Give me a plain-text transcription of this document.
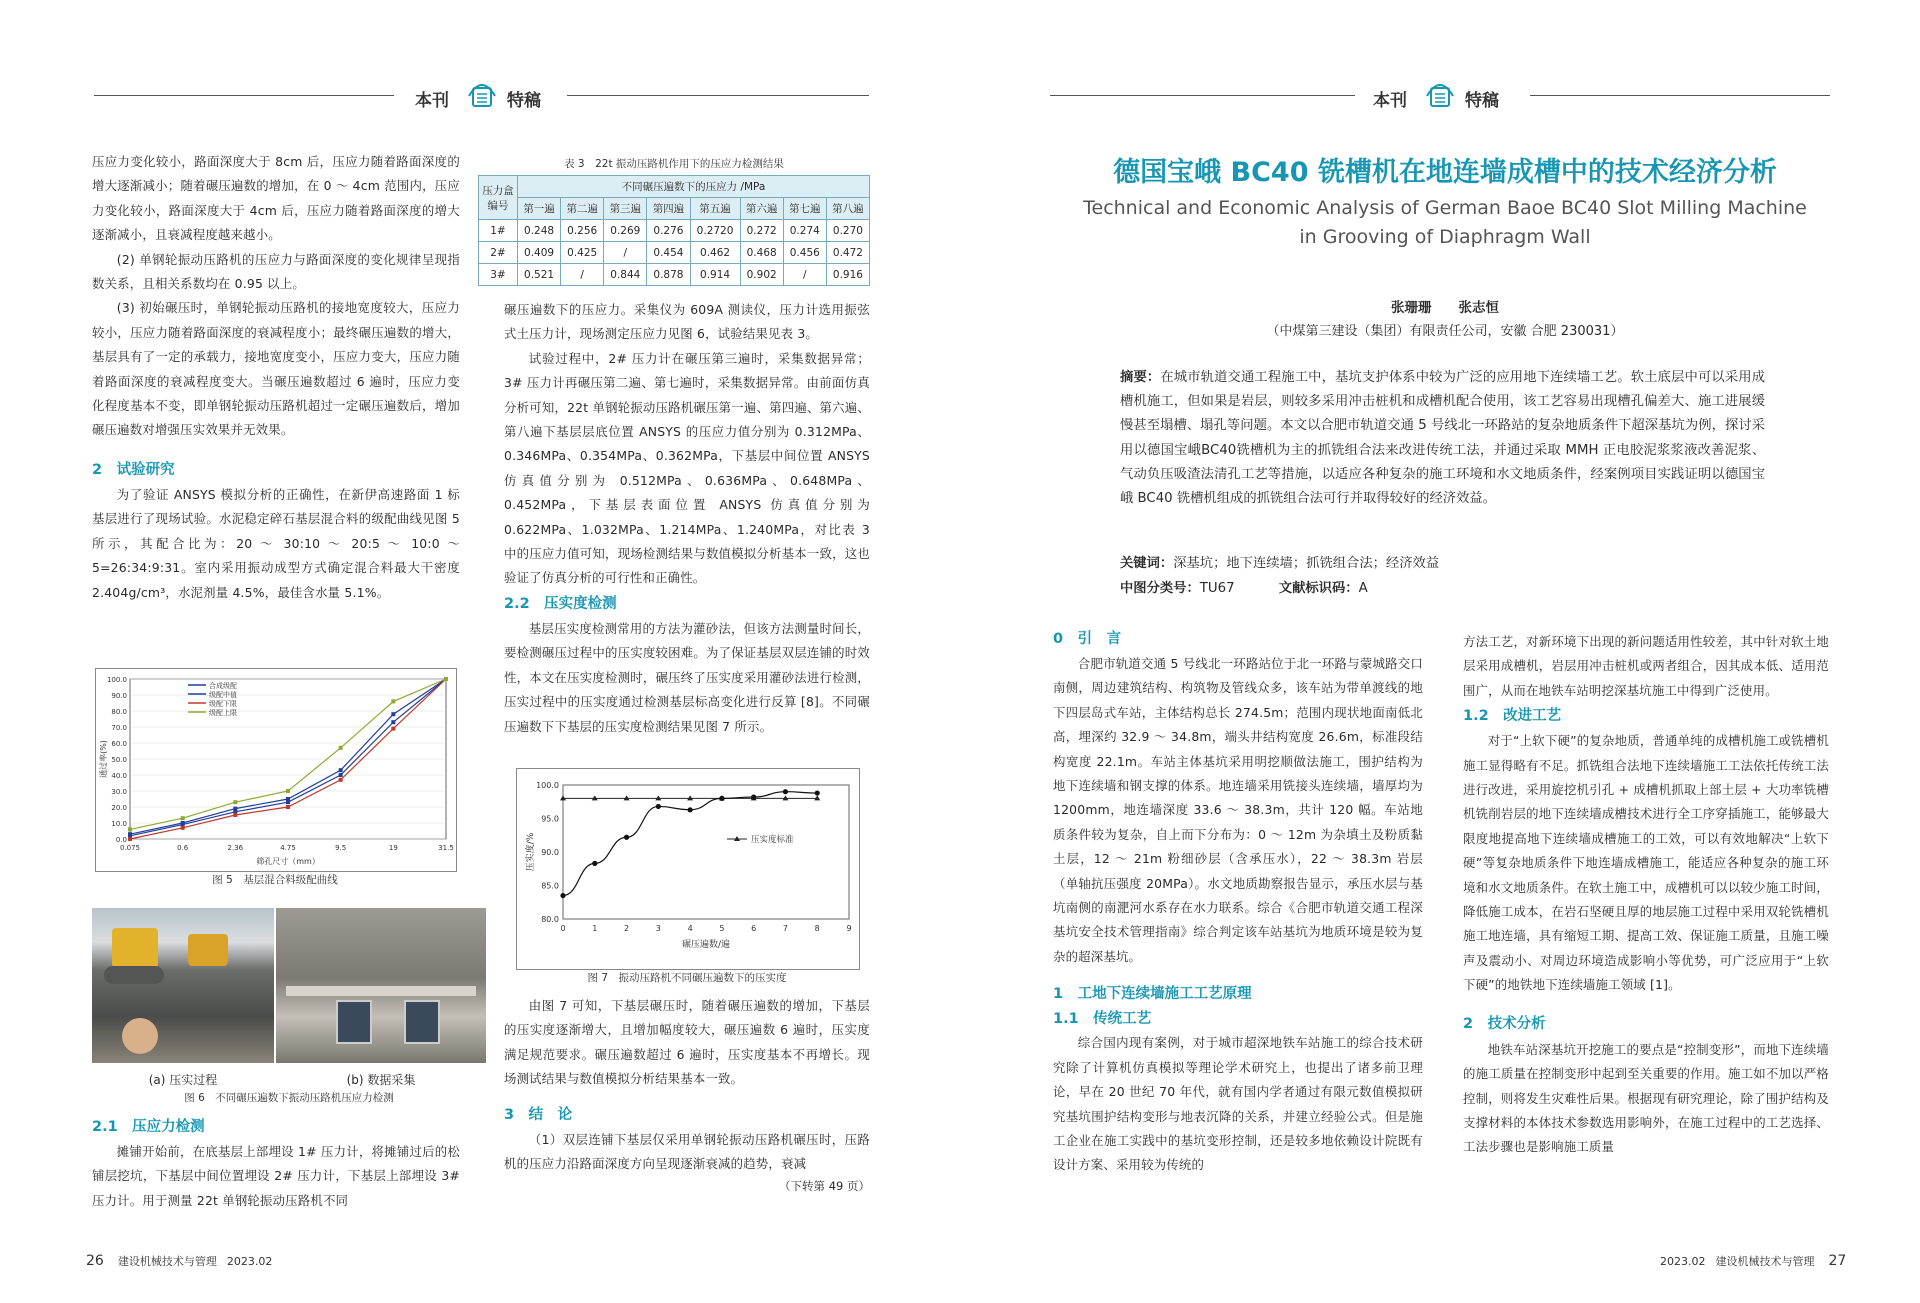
本刊	特稿	本刊	特稿

压应力变化较小，路面深度大于 8cm 后，压应力随着路面深度的增大逐渐减小；随着碾压遍数的增加，在 0 ～ 4cm 范围内，压应力变化较小，路面深度大于 4cm 后，压应力随着路面深度的增大逐渐减小，且衰减程度越来越小。

(2) 单钢轮振动压路机的压应力与路面深度的变化规律呈现指数关系，且相关系数均在 0.95 以上。

(3) 初始碾压时，单钢轮振动压路机的接地宽度较大，压应力较小，压应力随着路面深度的衰减程度小；最终碾压遍数的增大，基层具有了一定的承载力，接地宽度变小，压应力变大，压应力随着路面深度的衰减程度变大。当碾压遍数超过 6 遍时，压应力变化程度基本不变，即单钢轮振动压路机超过一定碾压遍数后，增加碾压遍数对增强压实效果并无效果。

2　试验研究

为了验证 ANSYS 模拟分析的正确性，在新伊高速路面 1 标基层进行了现场试验。水泥稳定碎石基层混合料的级配曲线见图 5 所示，其配合比为：20 ～ 30:10 ～ 20:5 ～ 10:0 ～ 5=26:34:9:31。室内采用振动成型方式确定混合料最大干密度 2.404g/cm³，水泥剂量 4.5%，最佳含水量 5.1%。

100.0
90.0
80.0
70.0
60.0
50.0
40.0
30.0
20.0
10.0
0.0
0.075	0.6	2.36	4.75	9.5	19	31.5
筛孔尺寸（mm）
通过率(%)
合成级配
级配中值
级配下限
级配上限
图 5　基层混合料级配曲线
(a) 压实过程	(b) 数据采集
图 6　不同碾压遍数下振动压路机压应力检测
2.1　压应力检测

摊铺开始前，在底基层上部埋设 1# 压力计，将摊铺过后的松铺层挖坑，下基层中间位置埋设 2# 压力计，下基层上部埋设 3# 压力计。用于测量 22t 单钢轮振动压路机不同

表 3　22t 振动压路机作用下的压应力检测结果
压力盒编号	不同碾压遍数下的压应力 /MPa							
	第一遍	第二遍	第三遍	第四遍	第五遍	第六遍	第七遍	第八遍
1#	0.248	0.256	0.269	0.276	0.2720	0.272	0.274	0.270
2#	0.409	0.425	/	0.454	0.462	0.468	0.456	0.472
3#	0.521	/	0.844	0.878	0.914	0.902	/	0.916

碾压遍数下的压应力。采集仪为 609A 测读仪，压力计选用振弦式土压力计，现场测定压应力见图 6，试验结果见表 3。

试验过程中，2# 压力计在碾压第三遍时，采集数据异常；3# 压力计再碾压第二遍、第七遍时，采集数据异常。由前面仿真分析可知，22t 单钢轮振动压路机碾压第一遍、第四遍、第六遍、第八遍下基层层底位置 ANSYS 的压应力值分别为 0.312MPa、0.346MPa、0.354MPa、0.362MPa，下基层中间位置 ANSYS 仿真值分别为 0.512MPa、0.636MPa、0.648MPa、0.452MPa，下基层表面位置 ANSYS 仿真值分别为 0.622MPa、1.032MPa、1.214MPa、1.240MPa，对比表 3 中的压应力值可知，现场检测结果与数值模拟分析基本一致，这也验证了仿真分析的可行性和正确性。

2.2　压实度检测

基层压实度检测常用的方法为灌砂法，但该方法测量时间长，要检测碾压过程中的压实度较困难。为了保证基层双层连铺的时效性，本文在压实度检测时，碾压终了压实度采用灌砂法进行检测，压实过程中的压实度通过检测基层标高变化进行反算 [8]。不同碾压遍数下下基层的压实度检测结果见图 7 所示。

100.0
95.0
90.0
85.0
80.0
0	1	2	3	4	5	6	7	8	9
碾压遍数/遍
压实度/%	压实度标准
图 7　振动压路机不同碾压遍数下的压实度

由图 7 可知，下基层碾压时，随着碾压遍数的增加，下基层的压实度逐渐增大，且增加幅度较大，碾压遍数 6 遍时，压实度满足规范要求。碾压遍数超过 6 遍时，压实度基本不再增长。现场测试结果与数值模拟分析结果基本一致。

3　结　论

（1）双层连铺下基层仅采用单钢轮振动压路机碾压时，压路机的压应力沿路面深度方向呈现逐渐衰减的趋势，衰减

（下转第 49 页）
德国宝峨 BC40 铣槽机在地连墙成槽中的技术经济分析
Technical and Economic Analysis of German Baoe BC40 Slot Milling Machine
in Grooving of Diaphragm Wall
张珊珊　　张志恒
（中煤第三建设（集团）有限责任公司，安徽 合肥 230031）
摘要：在城市轨道交通工程施工中，基坑支护体系中较为广泛的应用地下连续墙工艺。软土底层中可以采用成槽机施工，但如果是岩层，则较多采用冲击桩机和成槽机配合使用，该工艺容易出现槽孔偏差大、施工进展缓慢甚至塌槽、塌孔等问题。本文以合肥市轨道交通 5 号线北一环路站的复杂地质条件下超深基坑为例，探讨采用以德国宝峨BC40铣槽机为主的抓铣组合法来改进传统工法，并通过采取 MMH 正电胶泥浆浆液改善泥浆、气动负压吸渣法清孔工艺等措施，以适应各种复杂的施工环境和水文地质条件，经案例项目实践证明以德国宝峨 BC40 铣槽机组成的抓铣组合法可行并取得较好的经济效益。
关键词：深基坑；地下连续墙；抓铣组合法；经济效益
中图分类号：TU67	文献标识码：A
0　引　言

合肥市轨道交通 5 号线北一环路站位于北一环路与蒙城路交口南侧，周边建筑结构、构筑物及管线众多，该车站为带单渡线的地下四层岛式车站，主体结构总长 274.5m；范围内现状地面南低北高，埋深约 32.9 ～ 34.8m，端头井结构宽度 26.6m，标准段结构宽度 22.1m。车站主体基坑采用明挖顺做法施工，围护结构为地下连续墙和钢支撑的体系。地连墙采用铣接头连续墙，墙厚均为 1200mm，地连墙深度 33.6 ～ 38.3m，共计 120 幅。车站地质条件较为复杂，自上而下分布为：0 ～ 12m 为杂填土及粉质黏土层，12 ～ 21m 粉细砂层（含承压水），22 ～ 38.3m 岩层（单轴抗压强度 20MPa）。水文地质勘察报告显示，承压水层与基坑南侧的南淝河水系存在水力联系。综合《合肥市轨道交通工程深基坑安全技术管理指南》综合判定该车站基坑为地质环境是较为复杂的超深基坑。

1　工地下连续墙施工工艺原理
1.1　传统工艺

综合国内现有案例，对于城市超深地铁车站施工的综合技术研究除了计算机仿真模拟等理论学术研究上，也提出了诸多前卫理论，早在 20 世纪 70 年代，就有国内学者通过有限元数值模拟研究基坑围护结构变形与地表沉降的关系，并建立经验公式。但是施工企业在施工实践中的基坑变形控制，还是较多地依赖设计院既有设计方案、采用较为传统的

方法工艺，对新环境下出现的新问题适用性较差，其中针对软土地层采用成槽机，岩层用冲击桩机或两者组合，因其成本低、适用范围广，从而在地铁车站明挖深基坑施工中得到广泛使用。

1.2　改进工艺

对于“上软下硬”的复杂地质，普通单纯的成槽机施工或铣槽机施工显得略有不足。抓铣组合法地下连续墙施工工法依托传统工法进行改进，采用旋挖机引孔 + 成槽机抓取上部土层 + 大功率铣槽机铣削岩层的地下连续墙成槽技术进行全工序穿插施工，能够最大限度地提高地下连续墙成槽施工的工效，可以有效地解决“上软下硬”等复杂地质条件下地连墙成槽施工，能适应各种复杂的施工环境和水文地质条件。在软土施工中，成槽机可以以较少施工时间，降低施工成本，在岩石坚硬且厚的地层施工过程中采用双轮铣槽机施工地连墙，具有缩短工期、提高工效、保证施工质量，且施工噪声及震动小、对周边环境造成影响小等优势，可广泛应用于“上软下硬”的地铁地下连续墙施工领域 [1]。

2　技术分析

地铁车站深基坑开挖施工的要点是“控制变形”，而地下连续墙的施工质量在控制变形中起到至关重要的作用。施工如不加以严格控制，则将发生灾难性后果。根据现有研究理论，除了围护结构及支撑材料的本体技术参数选用影响外，在施工过程中的工艺选择、工法步骤也是影响施工质量

26 建设机械技术与管理 2023.02	2023.02 建设机械技术与管理 27
